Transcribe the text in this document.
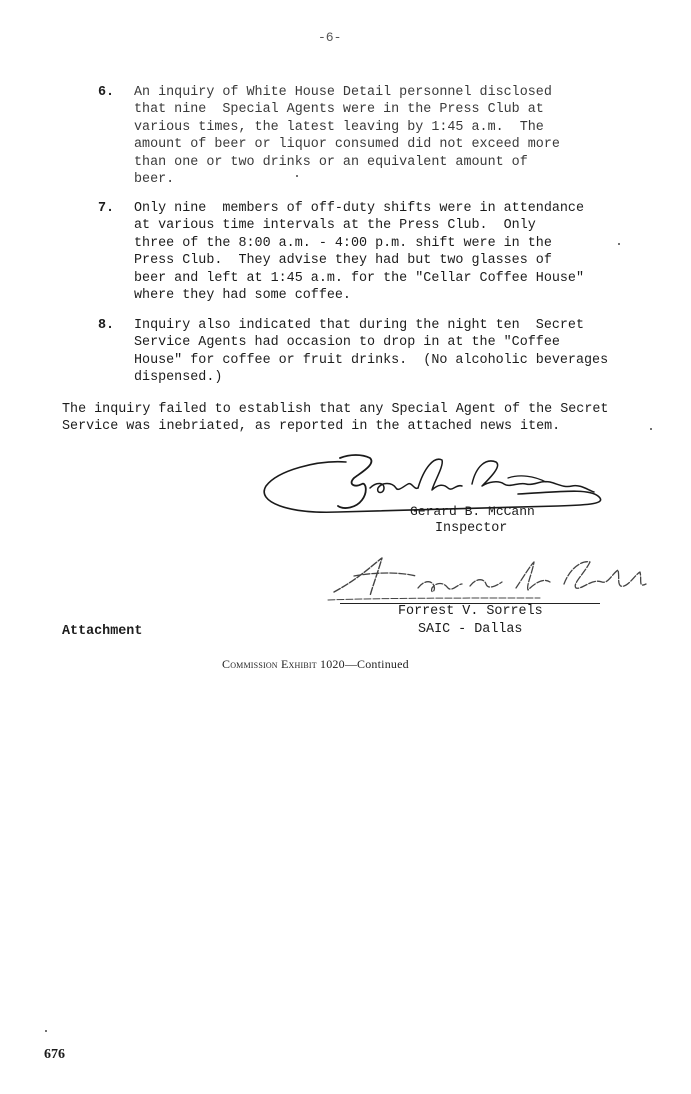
-6-
6. An inquiry of White House Detail personnel disclosed
that nine  Special Agents were in the Press Club at
various times, the latest leaving by 1:45 a.m.  The
amount of beer or liquor consumed did not exceed more
than one or two drinks or an equivalent amount of
beer.
7. Only nine  members of off-duty shifts were in attendance
at various time intervals at the Press Club.  Only
three of the 8:00 a.m. - 4:00 p.m. shift were in the
Press Club.  They advise they had but two glasses of
beer and left at 1:45 a.m. for the "Cellar Coffee House"
where they had some coffee.
8. Inquiry also indicated that during the night ten  Secret
Service Agents had occasion to drop in at the "Coffee
House" for coffee or fruit drinks.  (No alcoholic beverages
dispensed.)
The inquiry failed to establish that any Special Agent of the Secret
Service was inebriated, as reported in the attached news item.
Gerard B. McCann
Inspector
Forrest V. Sorrels
SAIC - Dallas
Attachment
Commission Exhibit 1020—Continued
676
